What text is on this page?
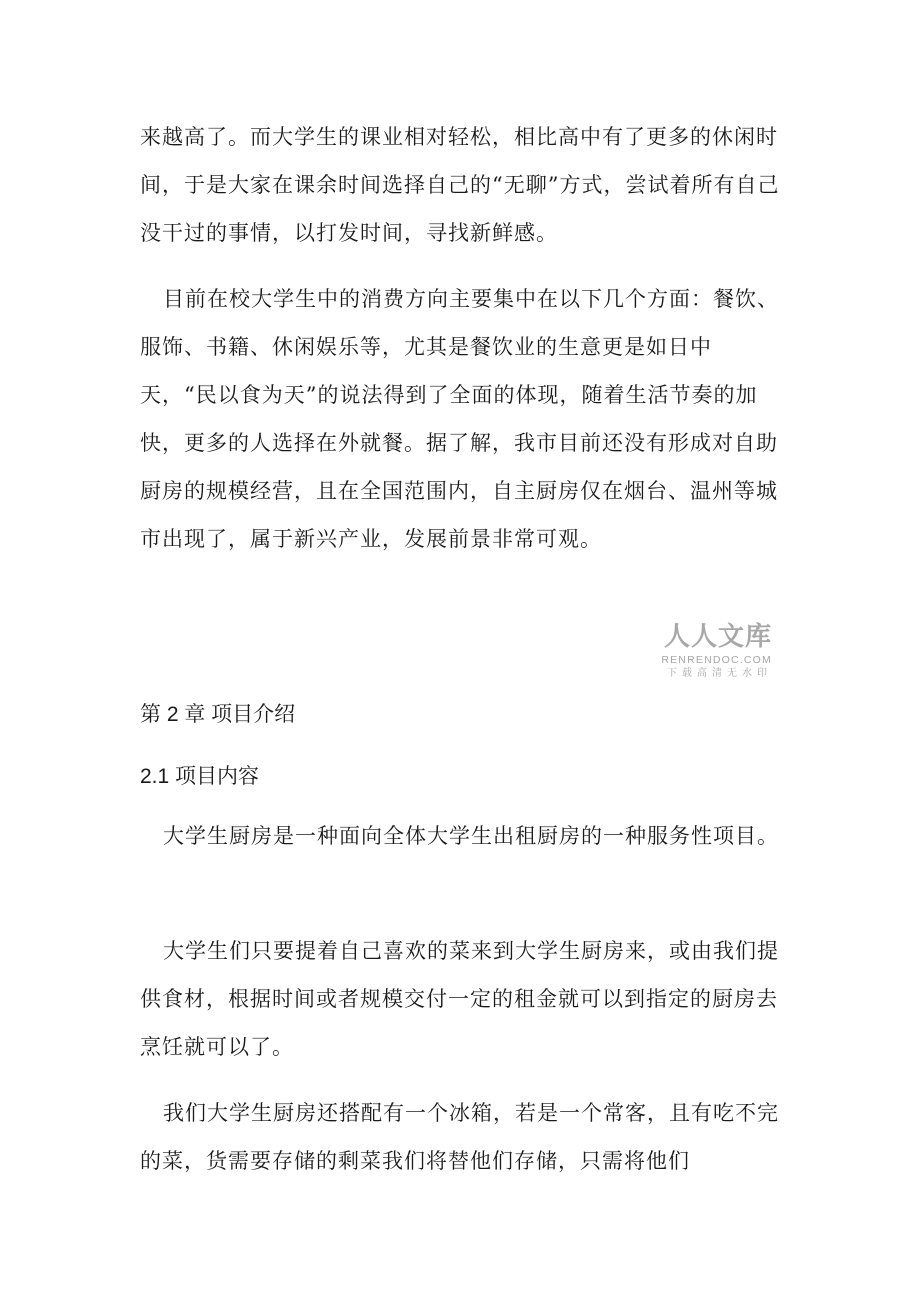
来越高了。而大学生的课业相对轻松，相比高中有了更多的休闲时间，于是大家在课余时间选择自己的“无聊”方式，尝试着所有自己没干过的事情，以打发时间，寻找新鲜感。

目前在校大学生中的消费方向主要集中在以下几个方面：餐饮、服饰、书籍、休闲娱乐等，尤其是餐饮业的生意更是如日中天，“民以食为天”的说法得到了全面的体现，随着生活节奏的加快，更多的人选择在外就餐。据了解，我市目前还没有形成对自助厨房的规模经营，且在全国范围内，自主厨房仅在烟台、温州等城市出现了，属于新兴产业，发展前景非常可观。

人人文库
RENRENDOC.COM
下载高清无水印
第 2 章 项目介绍
2.1 项目内容

大学生厨房是一种面向全体大学生出租厨房的一种服务性项目。

大学生们只要提着自己喜欢的菜来到大学生厨房来，或由我们提供食材，根据时间或者规模交付一定的租金就可以到指定的厨房去烹饪就可以了。

我们大学生厨房还搭配有一个冰箱，若是一个常客，且有吃不完的菜，货需要存储的剩菜我们将替他们存储，只需将他们
